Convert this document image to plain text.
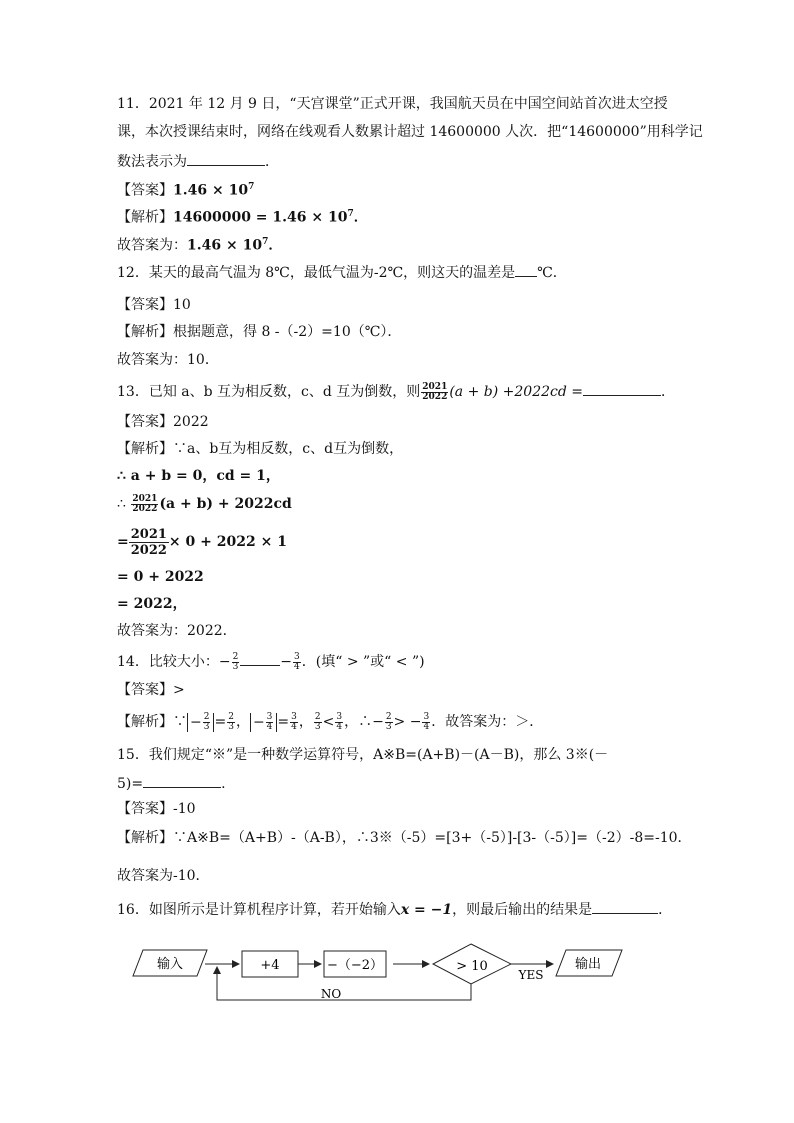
11．2021 年 12 月 9 日，“天宫课堂”正式开课，我国航天员在中国空间站首次进太空授
课，本次授课结束时，网络在线观看人数累计超过 14600000 人次．把“14600000”用科学记
数法表示为	．
【答案】$1.46 \times 10^7$
【解析】$14600000 = 1.46 \times 10^7$．
故答案为：$1.46 \times 10^7$．
12．某天的最高气温为 8℃，最低气温为-2℃，则这天的温差是 ℃．
【答案】10
【解析】根据题意，得 8 -（-2）=10（℃）．
故答案为：10．
13．已知 a、b 互为相反数，c、d 互为倒数，则 $\frac{2021}{2022} (a + b) +2022cd$ =	．
【答案】2022
【解析】∵a、b互为相反数，c、d互为倒数，
∴ a + b = 0，cd = 1，
∴ $\frac{2021}{2022} (a + b) + 2022cd$
= $\frac{2021}{2022} \times 0 + 2022 \times 1$
= 0 + 2022
= 2022，
故答案为：2022．
14．比较大小：− $\frac{2}{3}$	− $\frac{3}{4}$ ．(填“ > ”或“ < ”)
【答案】>
【解析】∵ − $\frac{2}{3} = \frac{2}{3}$ ， − $\frac{3}{4} = \frac{3}{4}$ ， $\frac{2}{3} < \frac{3}{4}$ ，∴− $\frac{2}{3}$ > − $\frac{3}{4}$ ．故答案为：＞．
15．我们规定“※”是一种数学运算符号，A※B=(A+B)－(A－B)，那么 3※(－
5)=	.
【答案】-10
【解析】∵A※B=（A+B）-（A-B），∴3※（-5）=[3+（-5）]-[3-（-5）]=（-2）-8=-10．
故答案为-10．
16．如图所示是计算机程序计算，若开始输入x = −1，则最后输出的结果是	．
输入	+4	−（−2）	> 10
YES
输出
NO
